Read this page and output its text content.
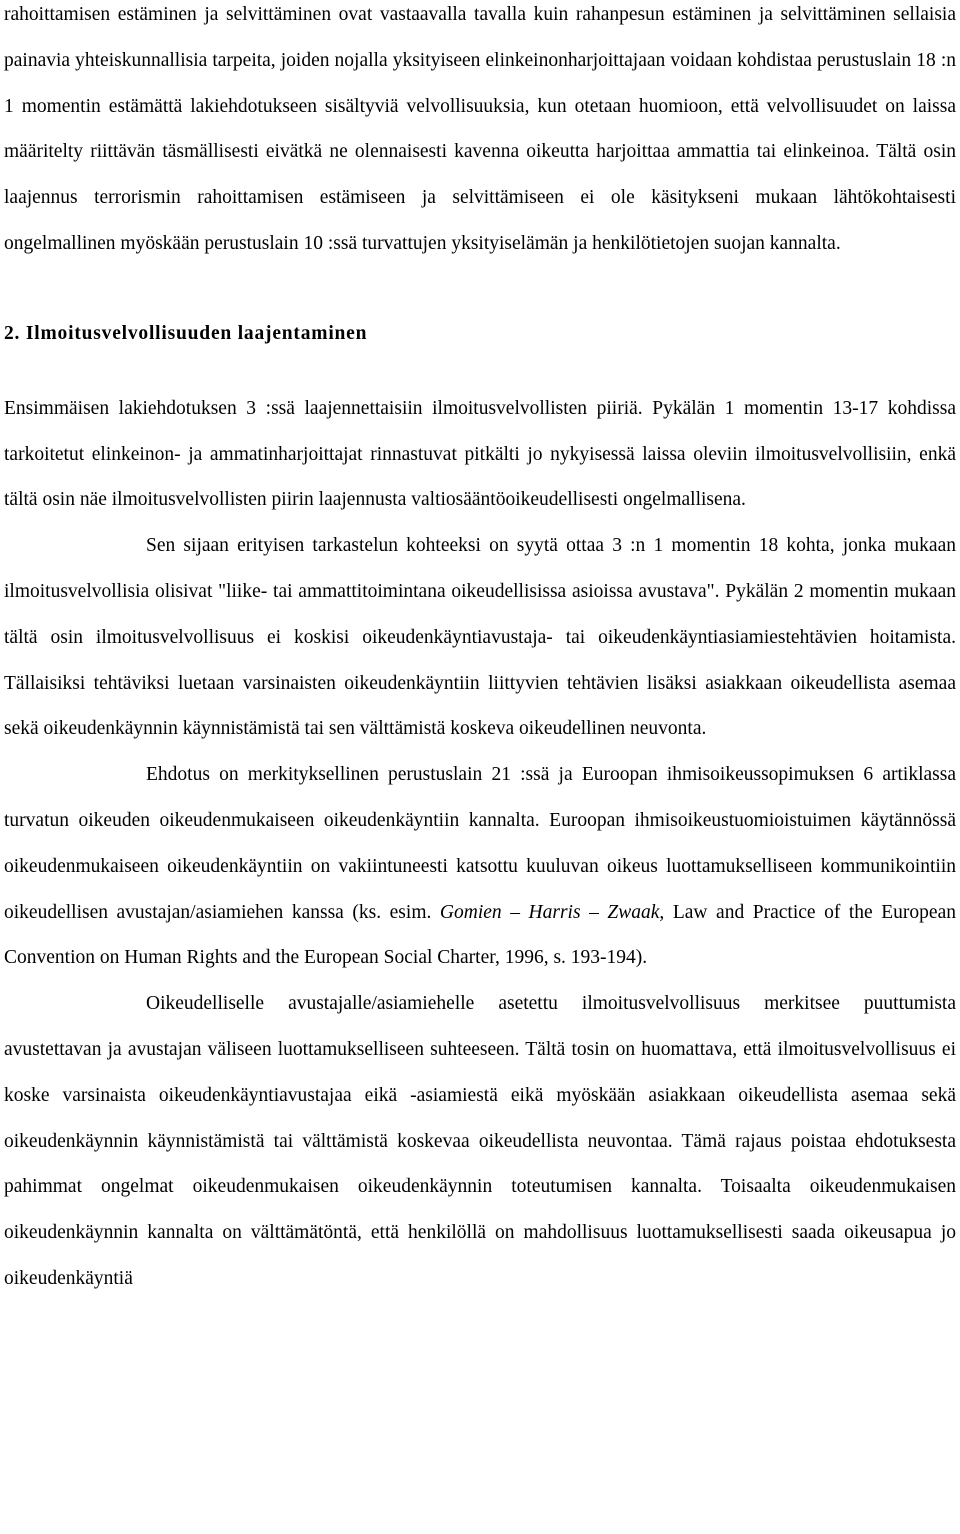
rahoittamisen estäminen ja selvittäminen ovat vastaavalla tavalla kuin rahanpesun estäminen ja selvittäminen sellaisia painavia yhteiskunnallisia tarpeita, joiden nojalla yksityiseen elinkeinonharjoittajaan voidaan kohdistaa perustuslain 18 :n 1 momentin estämättä lakiehdotukseen sisältyviä velvollisuuksia, kun otetaan huomioon, että velvollisuudet on laissa määritelty riittävän täsmällisesti eivätkä ne olennaisesti kavenna oikeutta harjoittaa ammattia tai elinkeinoa. Tältä osin laajennus terrorismin rahoittamisen estämiseen ja selvittämiseen ei ole käsitykseni mukaan lähtökohtaisesti ongelmallinen myöskään perustuslain 10 :ssä turvattujen yksityiselämän ja henkilötietojen suojan kannalta.

2. Ilmoitusvelvollisuuden laajentaminen

Ensimmäisen lakiehdotuksen 3 :ssä laajennettaisiin ilmoitusvelvollisten piiriä. Pykälän 1 momentin 13-17 kohdissa tarkoitetut elinkeinon- ja ammatinharjoittajat rinnastuvat pitkälti jo nykyisessä laissa oleviin ilmoitusvelvollisiin, enkä tältä osin näe ilmoitusvelvollisten piirin laajennusta valtiosääntöoikeudellisesti ongelmallisena.

Sen sijaan erityisen tarkastelun kohteeksi on syytä ottaa 3 :n 1 momentin 18 kohta, jonka mukaan ilmoitusvelvollisia olisivat "liike- tai ammattitoimintana oikeudellisissa asioissa avustava". Pykälän 2 momentin mukaan tältä osin ilmoitusvelvollisuus ei koskisi oikeudenkäyntiavustaja- tai oikeudenkäyntiasiamiestehtävien hoitamista. Tällaisiksi tehtäviksi luetaan varsinaisten oikeudenkäyntiin liittyvien tehtävien lisäksi asiakkaan oikeudellista asemaa sekä oikeudenkäynnin käynnistämistä tai sen välttämistä koskeva oikeudellinen neuvonta.

Ehdotus on merkityksellinen perustuslain 21 :ssä ja Euroopan ihmisoikeussopimuksen 6 artiklassa turvatun oikeuden oikeudenmukaiseen oikeudenkäyntiin kannalta. Euroopan ihmisoikeustuomioistuimen käytännössä oikeudenmukaiseen oikeudenkäyntiin on vakiintuneesti katsottu kuuluvan oikeus luottamukselliseen kommunikointiin oikeudellisen avustajan/asiamiehen kanssa (ks. esim. Gomien – Harris – Zwaak, Law and Practice of the European Convention on Human Rights and the European Social Charter, 1996, s. 193-194).

Oikeudelliselle avustajalle/asiamiehelle asetettu ilmoitusvelvollisuus merkitsee puuttumista avustettavan ja avustajan väliseen luottamukselliseen suhteeseen. Tältä tosin on huomattava, että ilmoitusvelvollisuus ei koske varsinaista oikeudenkäyntiavustajaa eikä -asiamiestä eikä myöskään asiakkaan oikeudellista asemaa sekä oikeudenkäynnin käynnistämistä tai välttämistä koskevaa oikeudellista neuvontaa. Tämä rajaus poistaa ehdotuksesta pahimmat ongelmat oikeudenmukaisen oikeudenkäynnin toteutumisen kannalta. Toisaalta oikeudenmukaisen oikeudenkäynnin kannalta on välttämätöntä, että henkilöllä on mahdollisuus luottamuksellisesti saada oikeusapua jo oikeudenkäyntiä
